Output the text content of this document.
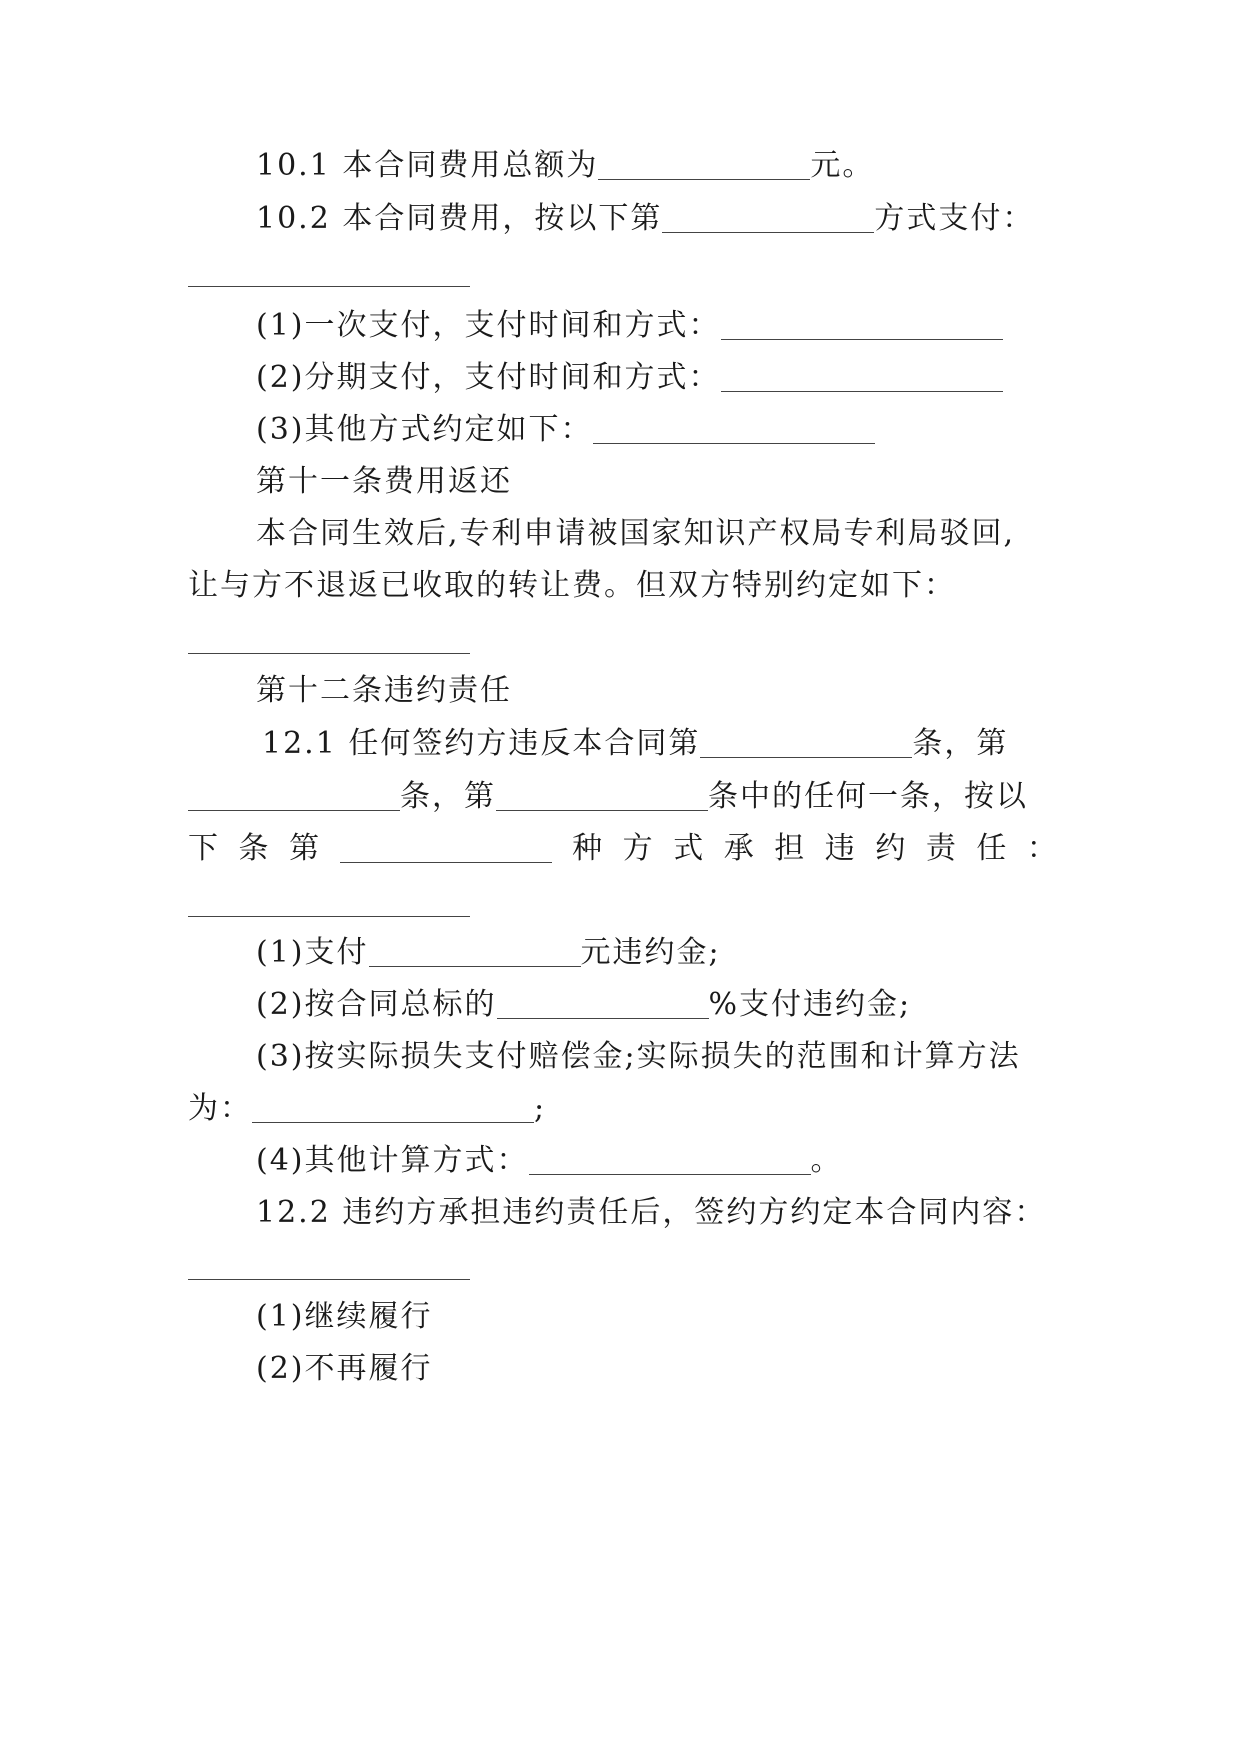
10.1 本合同费用总额为	元。
10.2 本合同费用，按以下第	方式支付：
(1)一次支付，支付时间和方式：
(2)分期支付，支付时间和方式：
(3)其他方式约定如下：
第十一条费用返还
本合同生效后,专利申请被国家知识产权局专利局驳回,
让与方不退返已收取的转让费。但双方特别约定如下：
第十二条违约责任
12.1 任何签约方违反本合同第	条，第
条，第	条中的任何一条，按以
下 条 第	种 方 式 承 担 违 约 责 任 ：
(1)支付	元违约金;
(2)按合同总标的	%支付违约金;
(3)按实际损失支付赔偿金;实际损失的范围和计算方法
为：	;
(4)其他计算方式：	。
12.2 违约方承担违约责任后，签约方约定本合同内容：
(1)继续履行
(2)不再履行
